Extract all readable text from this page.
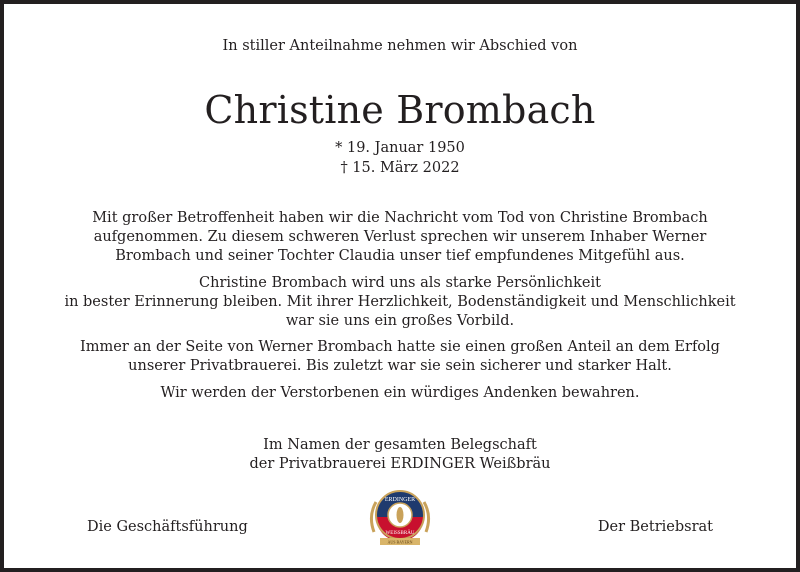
In stiller Anteilnahme nehmen wir Abschied von
Christine Brombach
* 19. Januar 1950
† 15. März 2022
Mit großer Betroffenheit haben wir die Nachricht vom Tod von Christine Brombach
aufgenommen. Zu diesem schweren Verlust sprechen wir unserem Inhaber Werner
Brombach und seiner Tochter Claudia unser tief empfundenes Mitgefühl aus.
Christine Brombach wird uns als starke Persönlichkeit
in bester Erinnerung bleiben. Mit ihrer Herzlichkeit, Bodenständigkeit und Menschlichkeit
war sie uns ein großes Vorbild.
Immer an der Seite von Werner Brombach hatte sie einen großen Anteil an dem Erfolg
unserer Privatbrauerei. Bis zuletzt war sie sein sicherer und starker Halt.
Wir werden der Verstorbenen ein würdiges Andenken bewahren.
Im Namen der gesamten Belegschaft
der Privatbrauerei ERDINGER Weißbräu
Die Geschäftsführung	Der Betriebsrat
ERDINGER
WEISSBRÄU
AUS BAYERN
